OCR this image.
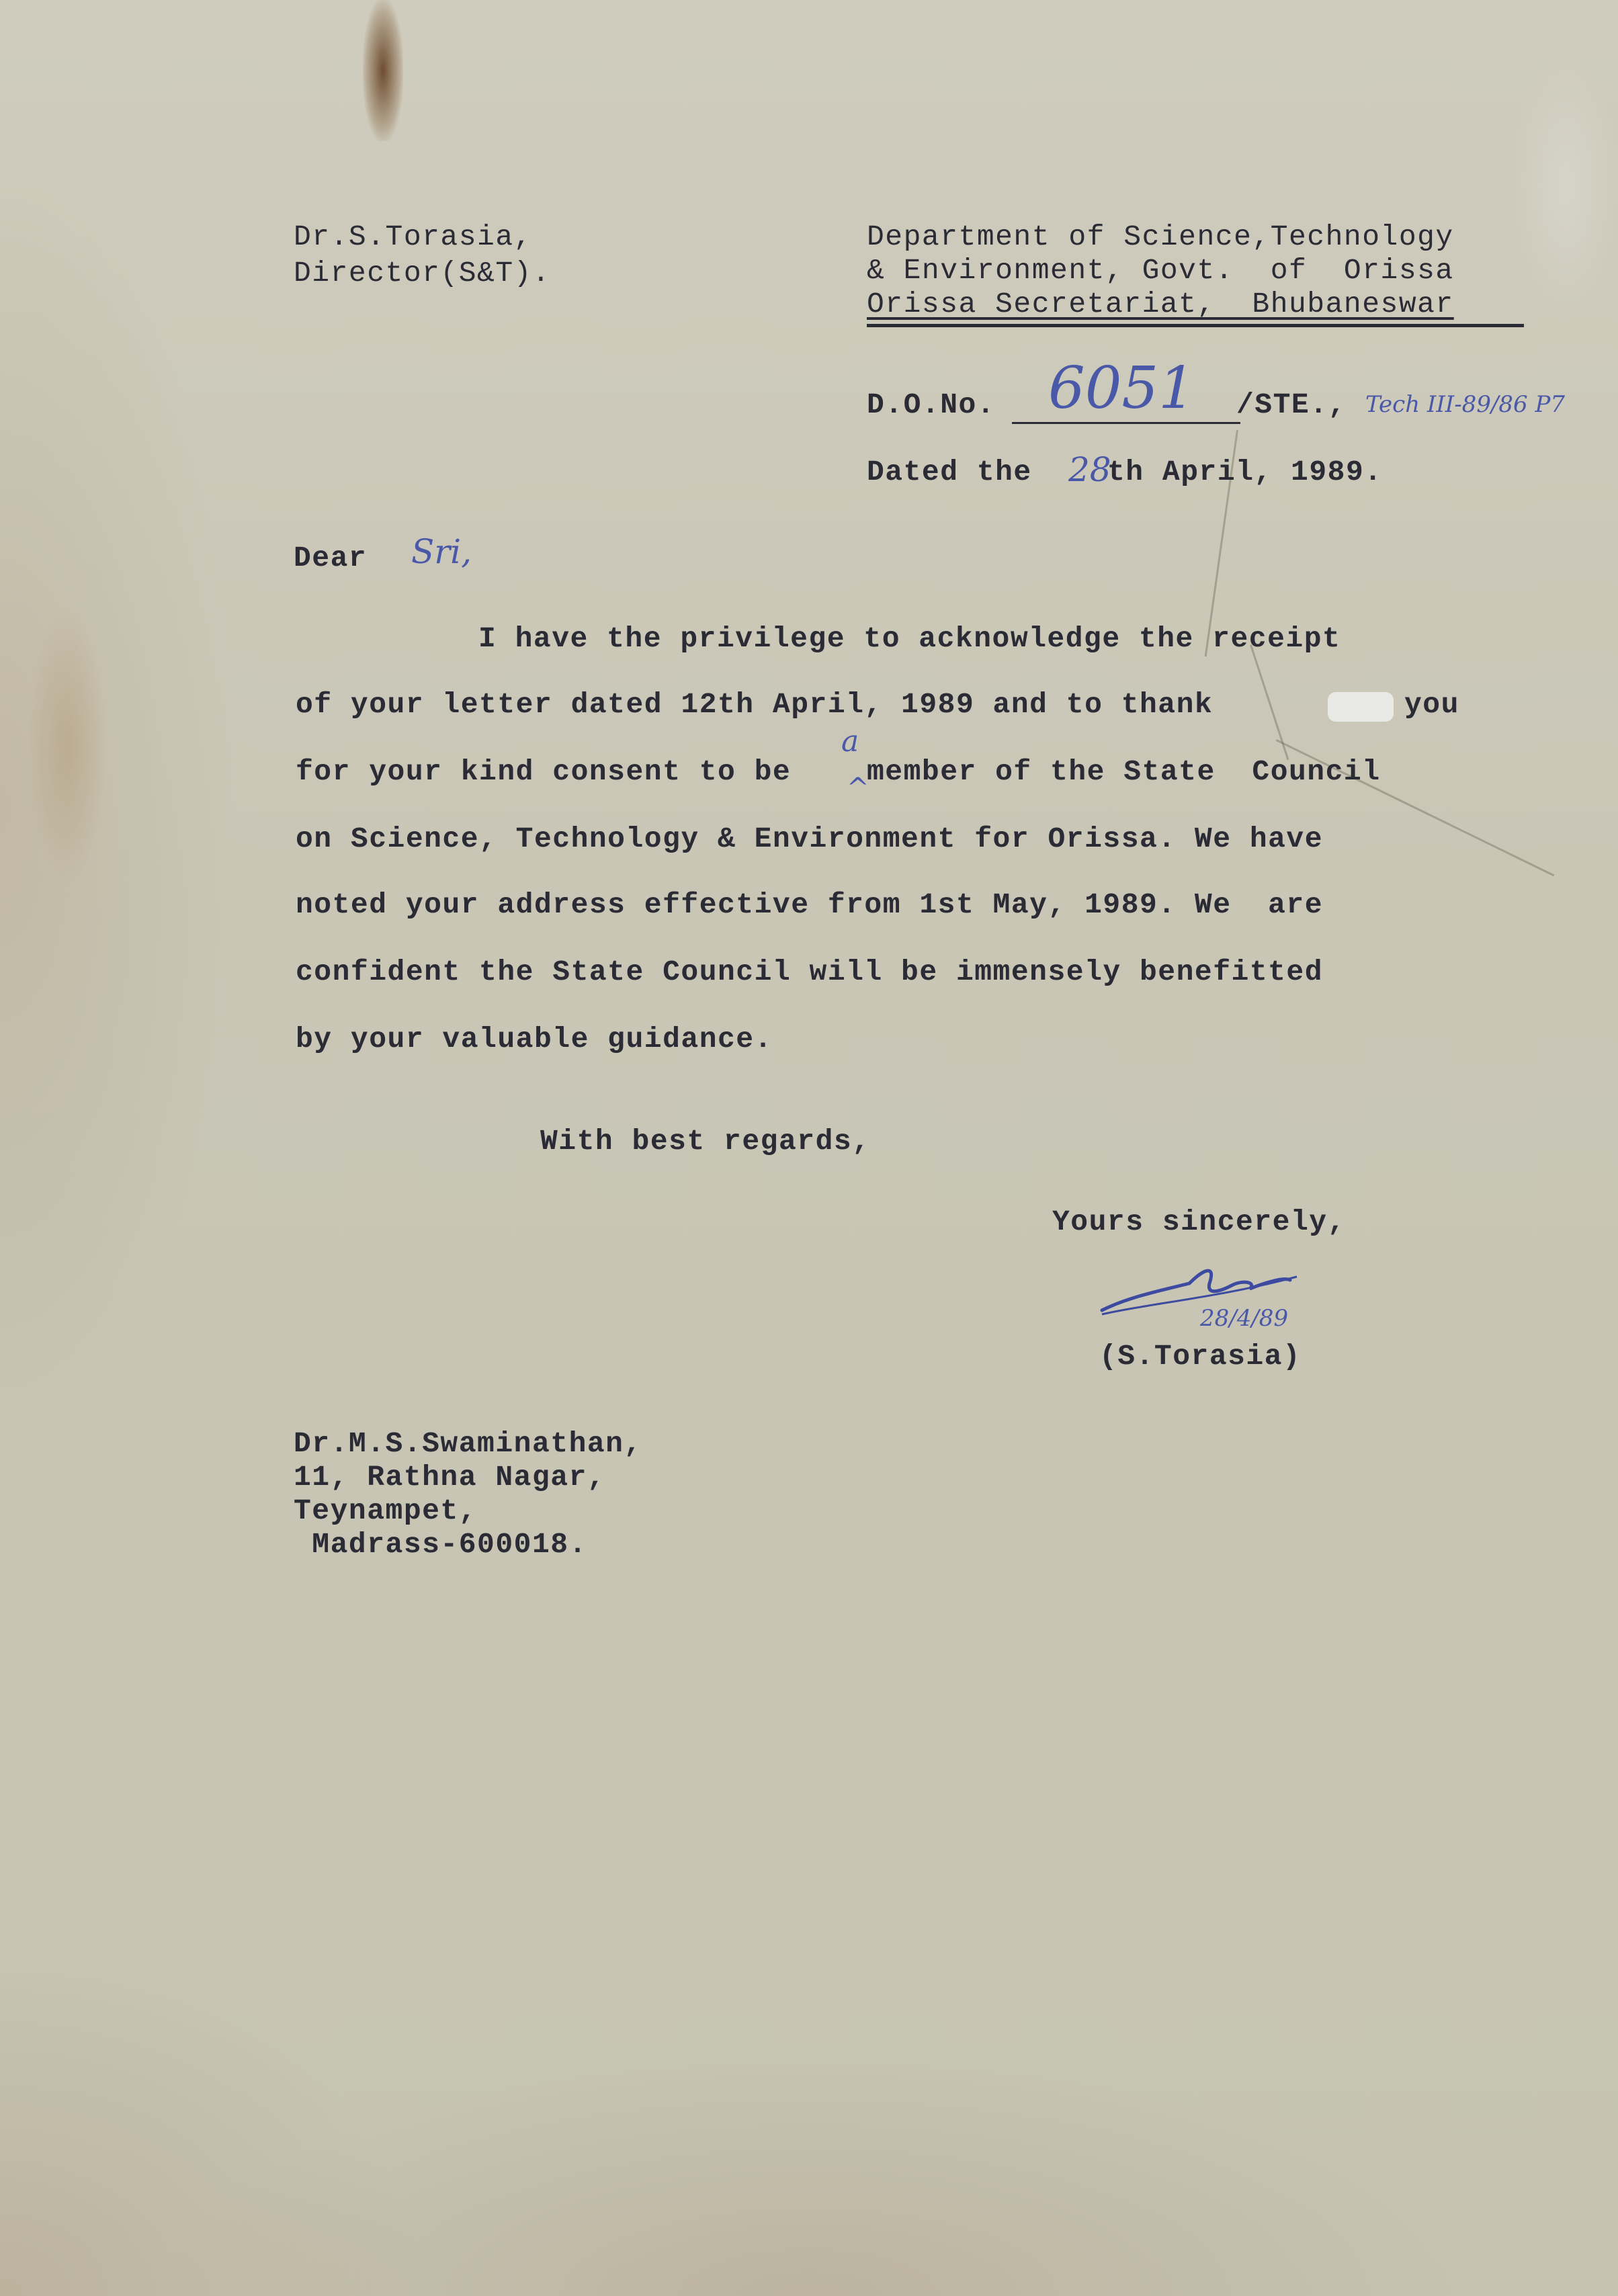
Dr.S.Torasia,
Director(S&T).
Department of Science,Technology
& Environment, Govt.  of  Orissa
Orissa Secretariat,  Bhubaneswar
D.O.No. 6051 /STE., Tech III-89/86 P7
Dated the 28
th April, 1989.
Dear Sri,
I have the privilege to acknowledge the receipt
of your letter dated 12th April, 1989 and to thank	you
for your kind consent to be
a
^
member of the State  Council
on Science, Technology & Environment for Orissa. We have
noted your address effective from 1st May, 1989. We  are
confident the State Council will be immensely benefitted
by your valuable guidance.
With best regards,
Yours sincerely,
28/4/89
(S.Torasia)
Dr.M.S.Swaminathan,
11, Rathna Nagar,
Teynampet,
Madrass-600018.
